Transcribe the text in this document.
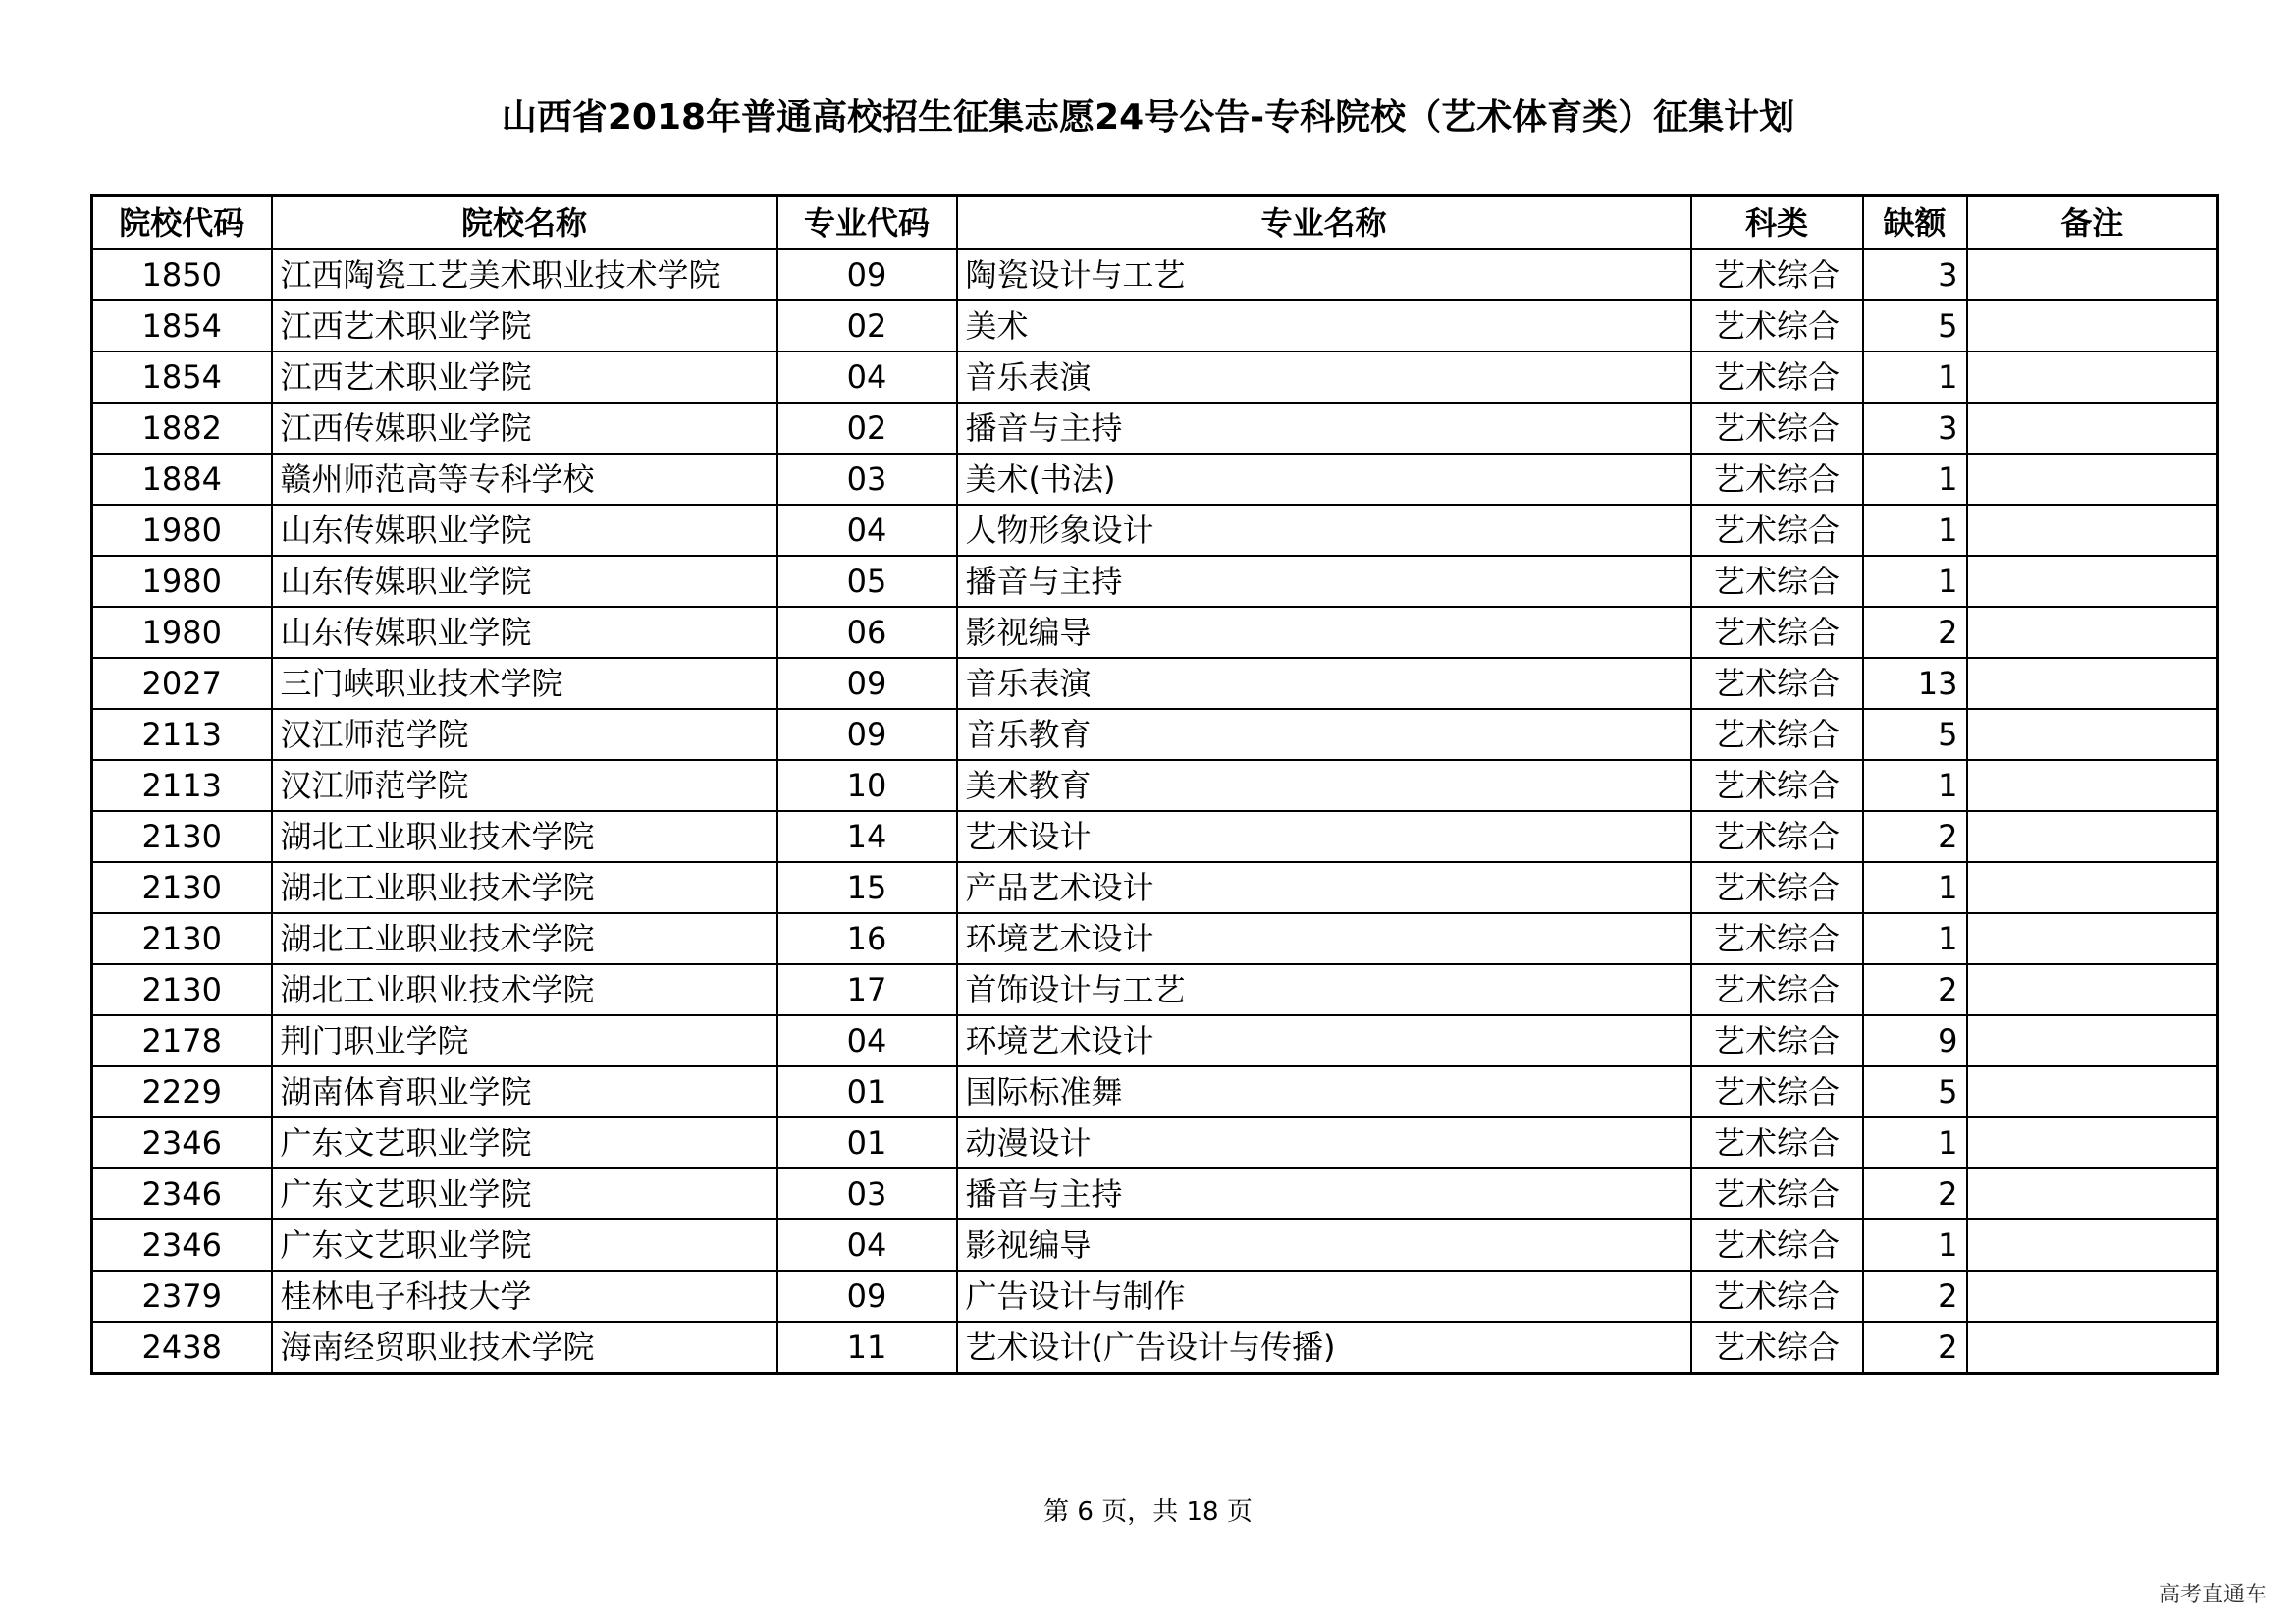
山西省2018年普通高校招生征集志愿24号公告-专科院校（艺术体育类）征集计划
院校代码	院校名称	专业代码	专业名称	科类	缺额	备注
1850	江西陶瓷工艺美术职业技术学院	09	陶瓷设计与工艺	艺术综合	3	
1854	江西艺术职业学院	02	美术	艺术综合	5	
1854	江西艺术职业学院	04	音乐表演	艺术综合	1	
1882	江西传媒职业学院	02	播音与主持	艺术综合	3	
1884	赣州师范高等专科学校	03	美术(书法)	艺术综合	1	
1980	山东传媒职业学院	04	人物形象设计	艺术综合	1	
1980	山东传媒职业学院	05	播音与主持	艺术综合	1	
1980	山东传媒职业学院	06	影视编导	艺术综合	2	
2027	三门峡职业技术学院	09	音乐表演	艺术综合	13	
2113	汉江师范学院	09	音乐教育	艺术综合	5	
2113	汉江师范学院	10	美术教育	艺术综合	1	
2130	湖北工业职业技术学院	14	艺术设计	艺术综合	2	
2130	湖北工业职业技术学院	15	产品艺术设计	艺术综合	1	
2130	湖北工业职业技术学院	16	环境艺术设计	艺术综合	1	
2130	湖北工业职业技术学院	17	首饰设计与工艺	艺术综合	2	
2178	荆门职业学院	04	环境艺术设计	艺术综合	9	
2229	湖南体育职业学院	01	国际标准舞	艺术综合	5	
2346	广东文艺职业学院	01	动漫设计	艺术综合	1	
2346	广东文艺职业学院	03	播音与主持	艺术综合	2	
2346	广东文艺职业学院	04	影视编导	艺术综合	1	
2379	桂林电子科技大学	09	广告设计与制作	艺术综合	2	
2438	海南经贸职业技术学院	11	艺术设计(广告设计与传播)	艺术综合	2	
第 6 页，共 18 页
高考直通车
